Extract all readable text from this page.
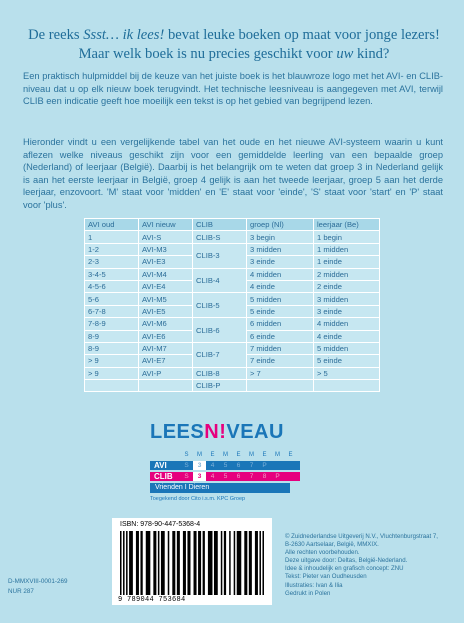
De reeks Ssst… ik lees! bevat leuke boeken op maat voor jonge lezers!
Maar welk boek is nu precies geschikt voor uw kind?

Een praktisch hulpmiddel bij de keuze van het juiste boek is het blauwroze logo met het AVI- en CLIB-niveau dat u op elk nieuw boek terugvindt. Het technische leesniveau is aangegeven met AVI, terwijl CLIB een indicatie geeft hoe moeilijk een tekst is op het gebied van begrijpend lezen.

Hieronder vindt u een vergelijkende tabel van het oude en het nieuwe AVI-systeem waarin u kunt aflezen welke niveaus geschikt zijn voor een gemiddelde leerling van een bepaalde groep (Nederland) of leerjaar (België). Daarbij is het belangrijk om te weten dat groep 3 in Nederland gelijk is aan het eerste leerjaar in België, groep 4 gelijk is aan het tweede leerjaar, groep 5 aan het derde leerjaar, enzovoort. 'M' staat voor 'midden' en 'E' staat voor 'einde', 'S' staat voor 'start' en 'P' staat voor 'plus'.

AVI oud	AVI nieuw	CLIB	groep (Nl)	leerjaar (Be)
1	AVI-S	CLIB-S	3 begin	1 begin
1-2	AVI-M3	CLIB-3	3 midden	1 midden
2-3	AVI-E3		3 einde	1 einde
3-4-5	AVI-M4	CLIB-4	4 midden	2 midden
4-5-6	AVI-E4		4 einde	2 einde
5-6	AVI-M5	CLIB-5	5 midden	3 midden
6-7-8	AVI-E5		5 einde	3 einde
7-8-9	AVI-M6	CLIB-6	6 midden	4 midden
8-9	AVI-E6		6 einde	4 einde
8-9	AVI-M7	CLIB-7	7 midden	5 midden
> 9	AVI-E7		7 einde	5 einde
> 9	AVI-P	CLIB-8	> 7	> 5
		CLIB-P		
LEESN!VEAU
S	M	E	M	E	M	E	M	E
AVI	S	3	4	5	6	7	P
CLIB	S	3	4	5	6	7	8	P
Vrienden I Dieren
Toegekend door Cito i.s.m. KPC Groep
ISBN: 978-90-447-5368-4
9 789044 753684
D-MMXVIII-0001-269
NUR 287
© Zuidnederlandse Uitgeverij N.V., Vluchtenburgstraat 7,
B-2630 Aartselaar, België, MMXIX.
Alle rechten voorbehouden.
Deze uitgave door: Deltas, België-Nederland.
Idee & inhoudelijk en grafisch concept: ZNU
Tekst: Pieter van Oudheusden
Illustraties: Ivan & Ilia
Gedrukt in Polen
